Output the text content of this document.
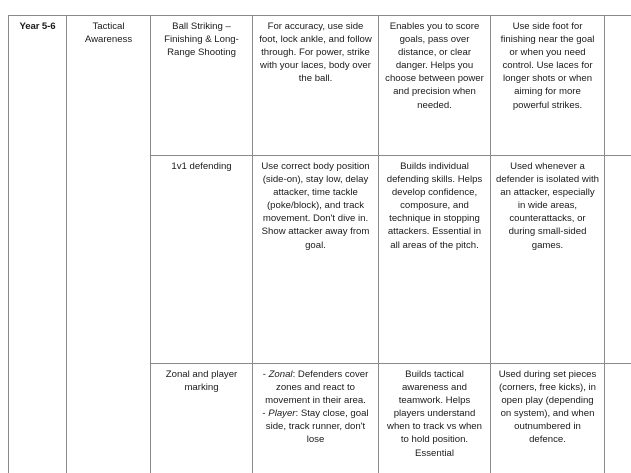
Year 5-6	Tactical Awareness	Ball Striking – Finishing & Long-Range Shooting	For accuracy, use side foot, lock ankle, and follow through. For power, strike with your laces, body over the ball.	Enables you to score goals, pass over distance, or clear danger. Helps you choose between power and precision when needed.	Use side foot for finishing near the goal or when you need control. Use laces for longer shots or when aiming for more powerful strikes.	
		1v1 defending	Use correct body position (side-on), stay low, delay attacker, time tackle (poke/block), and track movement. Don't dive in. Show attacker away from goal.	Builds individual defending skills. Helps develop confidence, composure, and technique in stopping attackers. Essential in all areas of the pitch.	Used whenever a defender is isolated with an attacker, especially in wide areas, counterattacks, or during small-sided games.	
		Zonal and player marking	- Zonal: Defenders cover zones and react to movement in their area.
- Player: Stay close, goal side, track runner, don't lose	Builds tactical awareness and teamwork. Helps players understand when to track vs when to hold position. Essential	Used during set pieces (corners, free kicks), in open play (depending on system), and when outnumbered in defence.	
